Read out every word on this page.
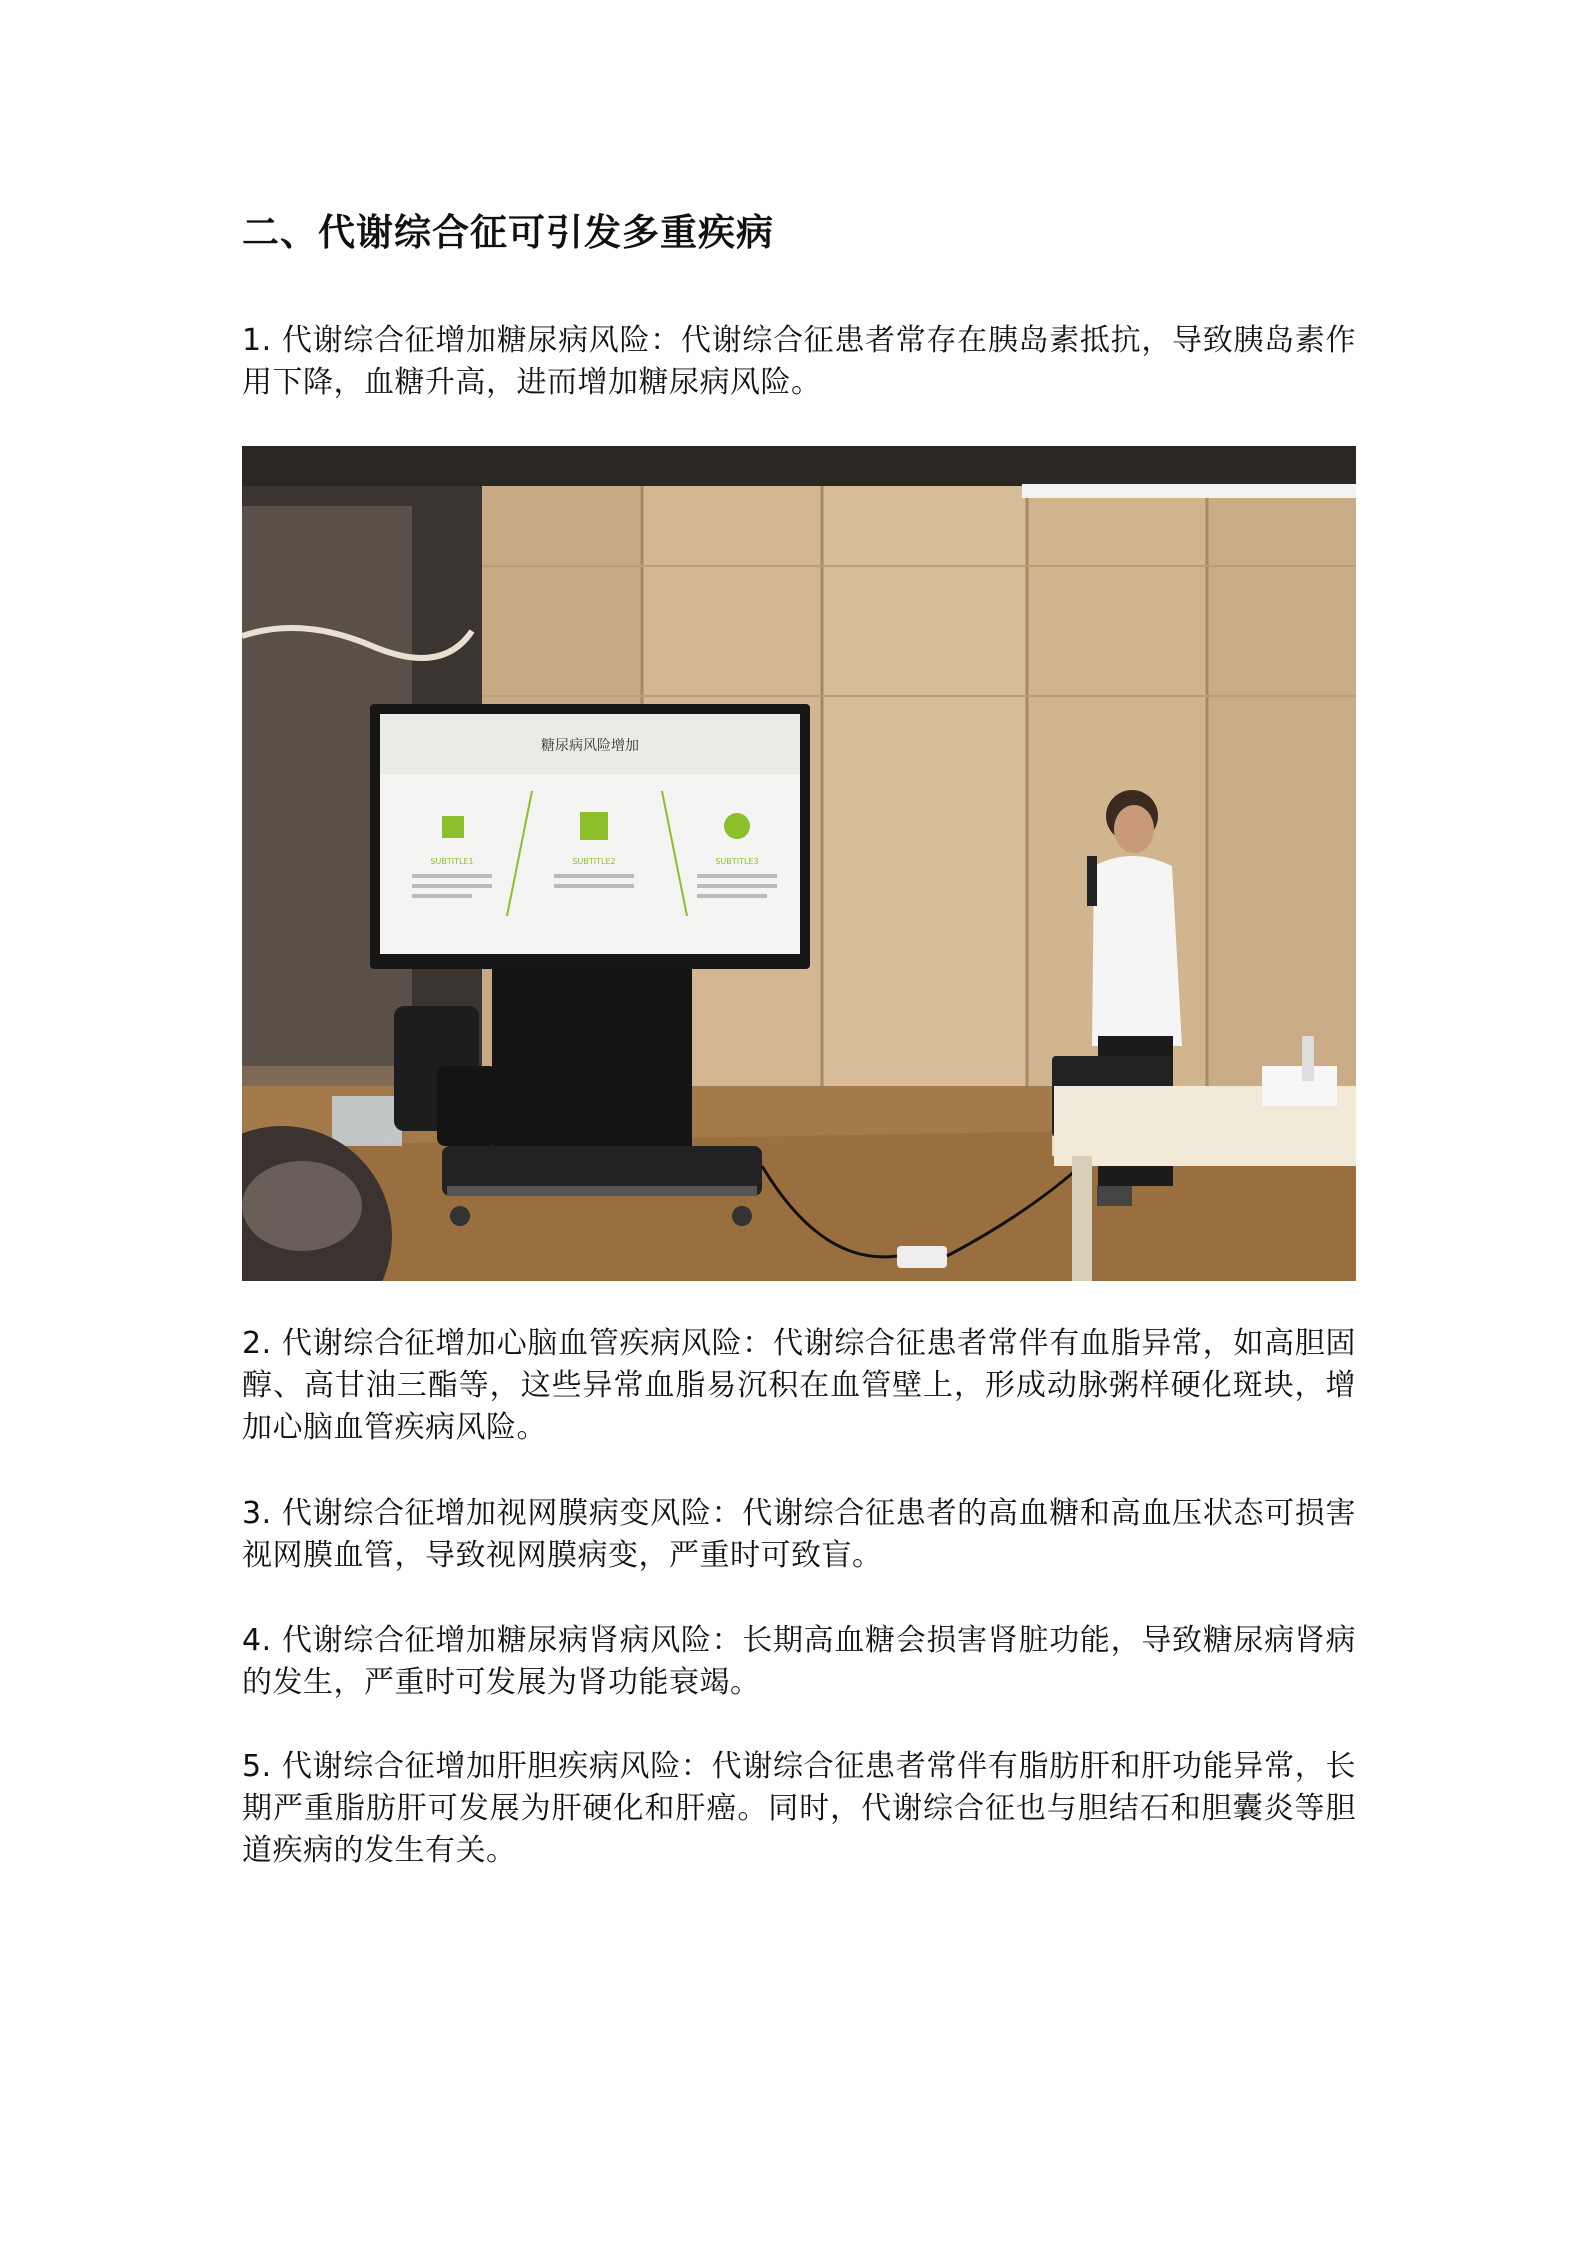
二、代谢综合征可引发多重疾病

1. 代谢综合征增加糖尿病风险：代谢综合征患者常存在胰岛素抵抗，导致胰岛素作用下降，血糖升高，进而增加糖尿病风险。

糖尿病风险增加
SUBTITLE1	SUBTITLE2	SUBTITLE3

2. 代谢综合征增加心脑血管疾病风险：代谢综合征患者常伴有血脂异常，如高胆固醇、高甘油三酯等，这些异常血脂易沉积在血管壁上，形成动脉粥样硬化斑块，增加心脑血管疾病风险。

3. 代谢综合征增加视网膜病变风险：代谢综合征患者的高血糖和高血压状态可损害视网膜血管，导致视网膜病变，严重时可致盲。

4. 代谢综合征增加糖尿病肾病风险：长期高血糖会损害肾脏功能，导致糖尿病肾病的发生，严重时可发展为肾功能衰竭。

5. 代谢综合征增加肝胆疾病风险：代谢综合征患者常伴有脂肪肝和肝功能异常，长期严重脂肪肝可发展为肝硬化和肝癌。同时，代谢综合征也与胆结石和胆囊炎等胆道疾病的发生有关。
